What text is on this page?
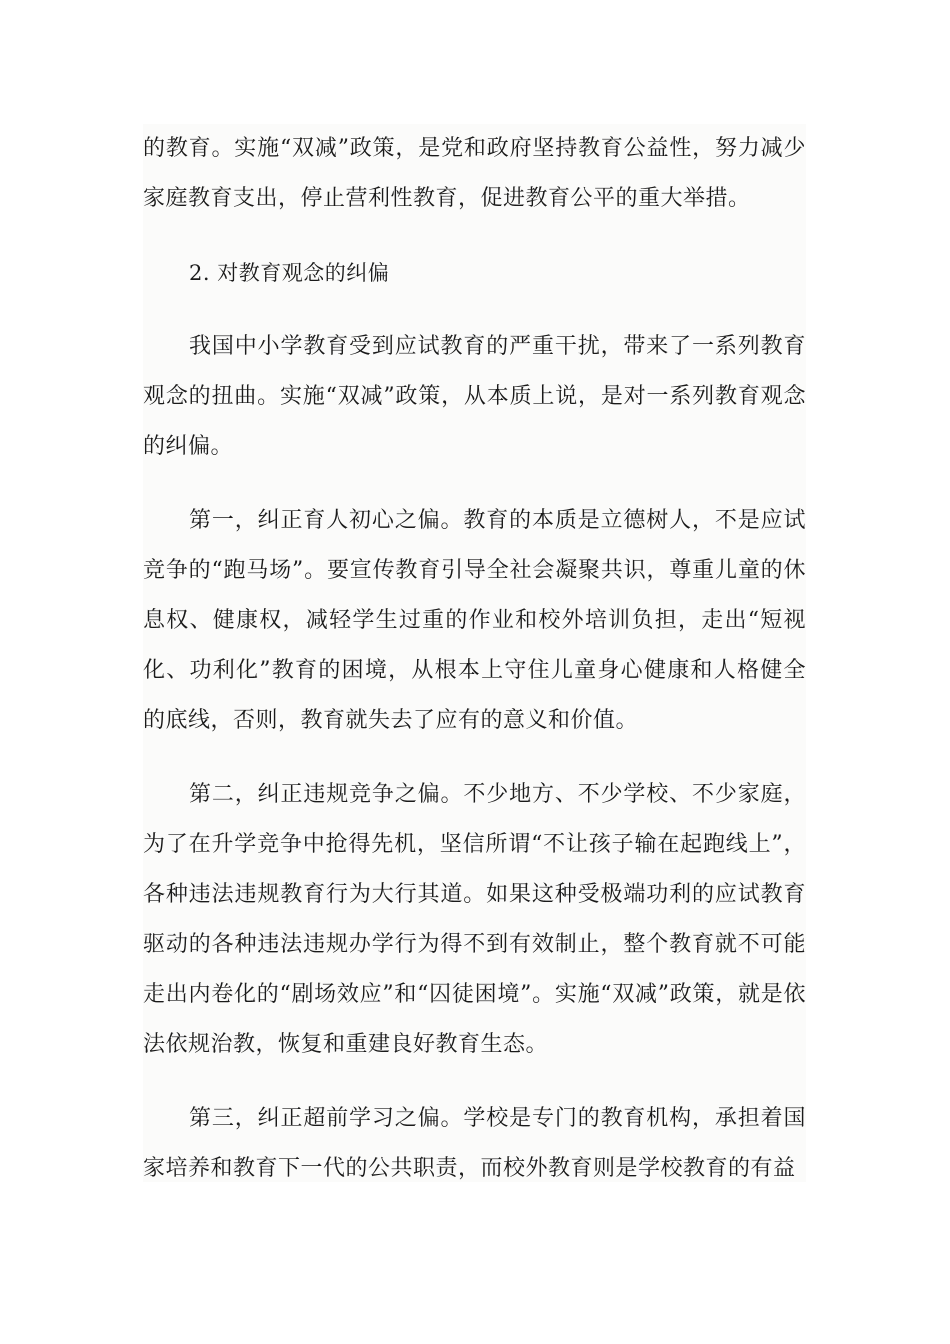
的教育。实施“双减”政策，是党和政府坚持教育公益性，努力减少家庭教育支出，停止营利性教育，促进教育公平的重大举措。

2. 对教育观念的纠偏

我国中小学教育受到应试教育的严重干扰，带来了一系列教育观念的扭曲。实施“双减”政策，从本质上说，是对一系列教育观念的纠偏。

第一，纠正育人初心之偏。教育的本质是立德树人，不是应试竞争的“跑马场”。要宣传教育引导全社会凝聚共识，尊重儿童的休息权、健康权，减轻学生过重的作业和校外培训负担，走出“短视化、功利化”教育的困境，从根本上守住儿童身心健康和人格健全的底线，否则，教育就失去了应有的意义和价值。

第二，纠正违规竞争之偏。不少地方、不少学校、不少家庭，为了在升学竞争中抢得先机，坚信所谓“不让孩子输在起跑线上”，各种违法违规教育行为大行其道。如果这种受极端功利的应试教育驱动的各种违法违规办学行为得不到有效制止，整个教育就不可能走出内卷化的“剧场效应”和“囚徒困境”。实施“双减”政策，就是依法依规治教，恢复和重建良好教育生态。

第三，纠正超前学习之偏。学校是专门的教育机构，承担着国家培养和教育下一代的公共职责，而校外教育则是学校教育的有益
